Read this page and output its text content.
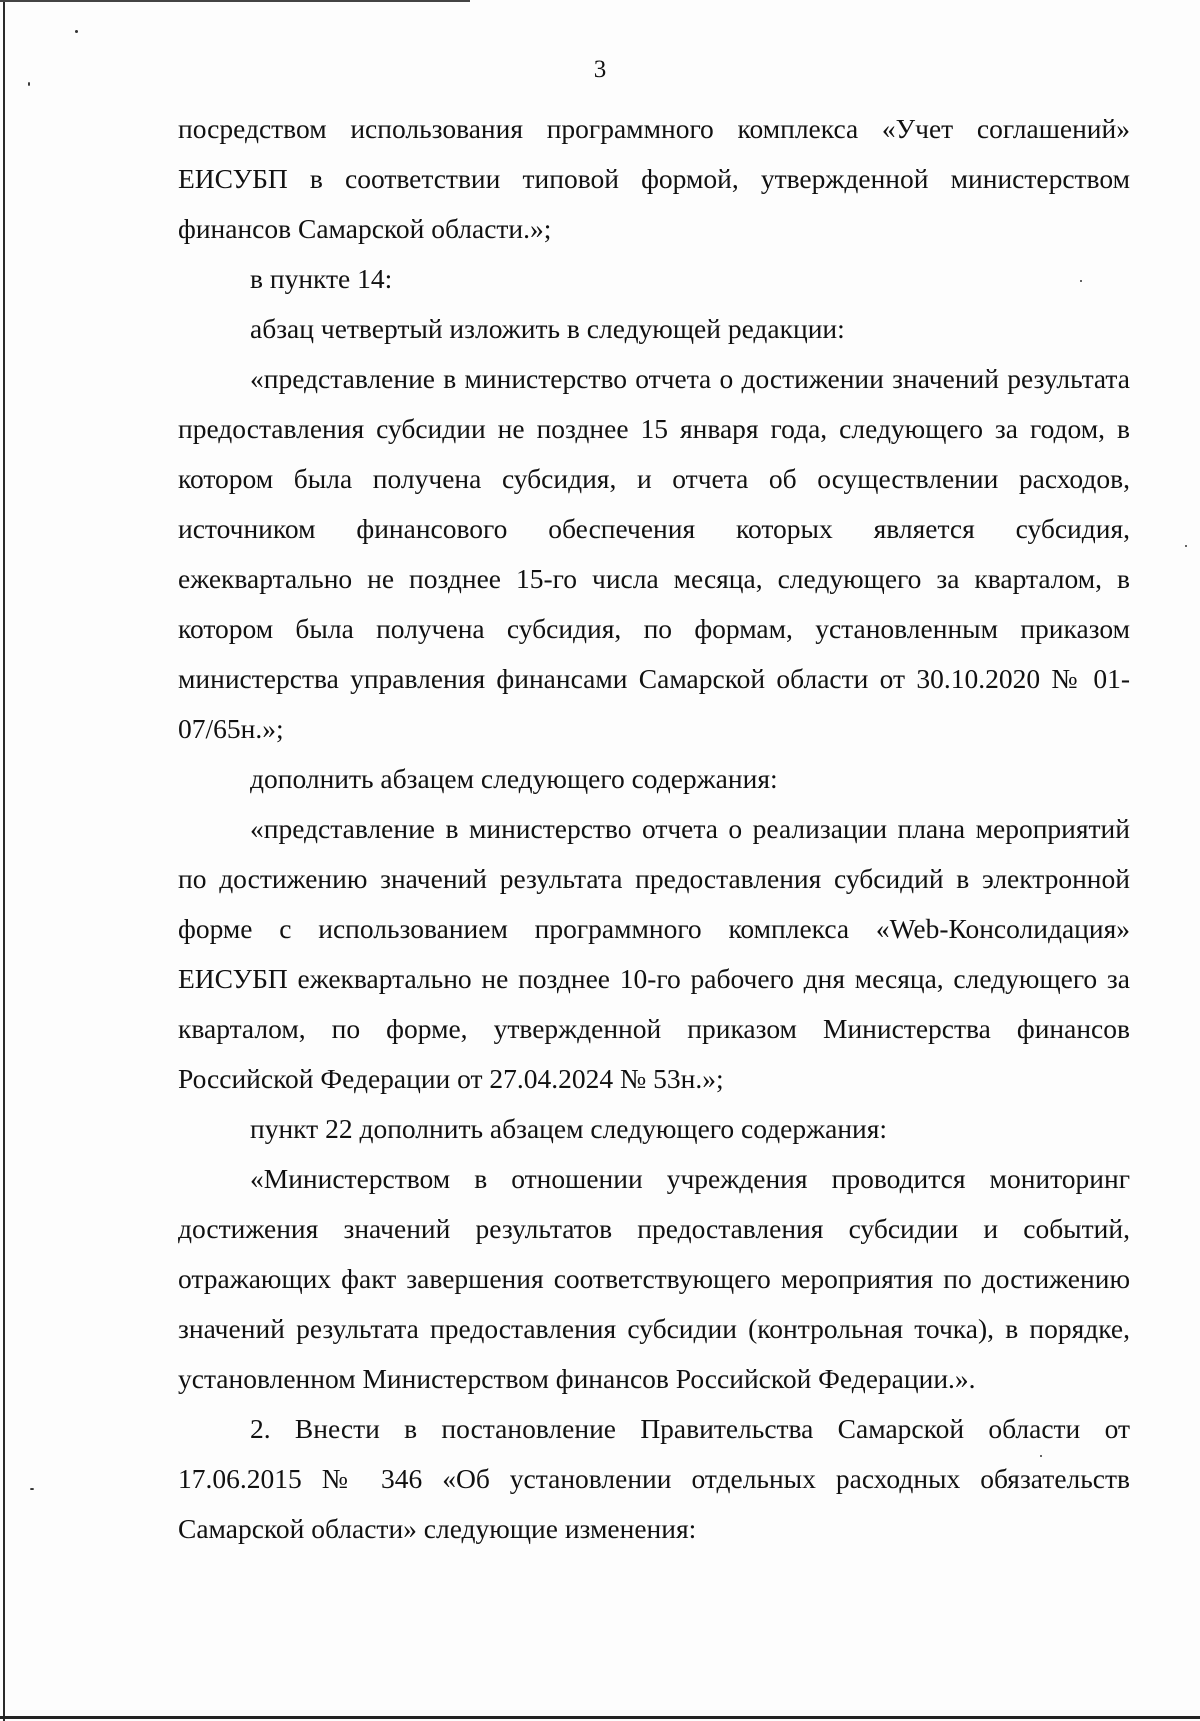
3

посредством использования программного комплекса «Учет соглашений» ЕИСУБП в соответствии типовой формой, утвержденной министерством финансов Самарской области.»;

в пункте 14:

абзац четвертый изложить в следующей редакции:

«представление в министерство отчета о достижении значений результата предоставления субсидии не позднее 15 января года, следующего за годом, в котором была получена субсидия, и отчета об осуществлении расходов, источником финансового обеспечения которых является субсидия, ежеквартально не позднее 15-го числа месяца, следующего за кварталом, в котором была получена субсидия, по формам, установленным приказом министерства управления финансами Самарской области от 30.10.2020 № 01-07/65н.»;

дополнить абзацем следующего содержания:

«представление в министерство отчета о реализации плана мероприятий по достижению значений результата предоставления субсидий в электронной форме с использованием программного комплекса «Web-Консолидация» ЕИСУБП ежеквартально не позднее 10-го рабочего дня месяца, следующего за кварталом, по форме, утвержденной приказом Министерства финансов Российской Федерации от 27.04.2024 № 53н.»;

пункт 22 дополнить абзацем следующего содержания:

«Министерством в отношении учреждения проводится мониторинг достижения значений результатов предоставления субсидии и событий, отражающих факт завершения соответствующего мероприятия по достижению значений результата предоставления субсидии (контрольная точка), в порядке, установленном Министерством финансов Российской Федерации.».

2. Внести в постановление Правительства Самарской области от 17.06.2015 № 346 «Об установлении отдельных расходных обязательств Самарской области» следующие изменения:
